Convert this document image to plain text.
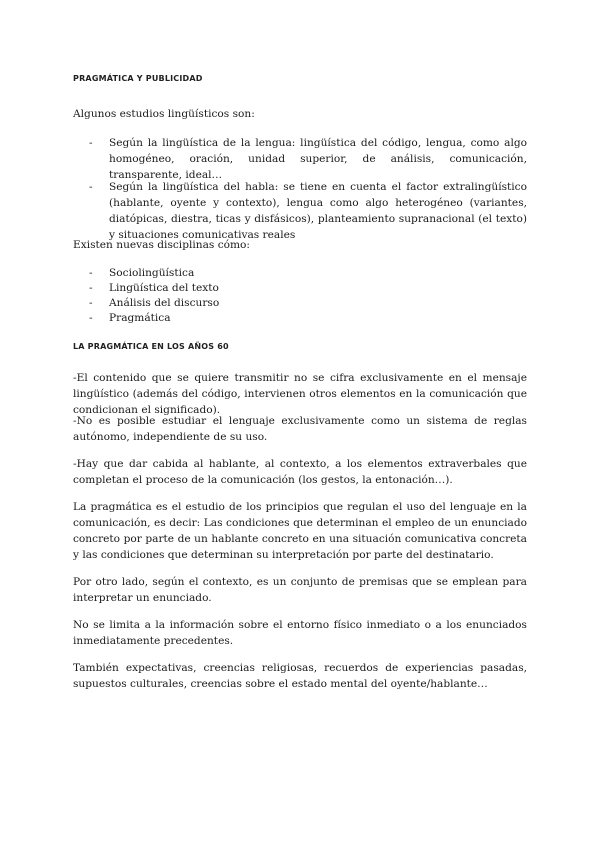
PRAGMÁTICA Y PUBLICIDAD
Algunos estudios lingüísticos son:
- Según la lingüística de la lengua: lingüística del código, lengua, como algo homogéneo, oración, unidad superior, de análisis, comunicación, transparente, ideal…
- Según la lingüística del habla: se tiene en cuenta el factor extralingüístico (hablante, oyente y contexto), lengua como algo heterogéneo (variantes, diatópicas, diestra, ticas y disfásicos), planteamiento supranacional (el texto) y situaciones comunicativas reales
Existen nuevas disciplinas cómo:
- Sociolingüística
- Lingüística del texto
- Análisis del discurso
- Pragmática
LA PRAGMÁTICA EN LOS AÑOS 60
-El contenido que se quiere transmitir no se cifra exclusivamente en el mensaje lingüístico (además del código, intervienen otros elementos en la comunicación que condicionan el significado).
-No es posible estudiar el lenguaje exclusivamente como un sistema de reglas autónomo, independiente de su uso.
-Hay que dar cabida al hablante, al contexto, a los elementos extraverbales que completan el proceso de la comunicación (los gestos, la entonación…).
La pragmática es el estudio de los principios que regulan el uso del lenguaje en la comunicación, es decir: Las condiciones que determinan el empleo de un enunciado concreto por parte de un hablante concreto en una situación comunicativa concreta y las condiciones que determinan su interpretación por parte del destinatario.
Por otro lado, según el contexto, es un conjunto de premisas que se emplean para interpretar un enunciado.
No se limita a la información sobre el entorno físico inmediato o a los enunciados inmediatamente precedentes.
También expectativas, creencias religiosas, recuerdos de experiencias pasadas, supuestos culturales, creencias sobre el estado mental del oyente/hablante…
